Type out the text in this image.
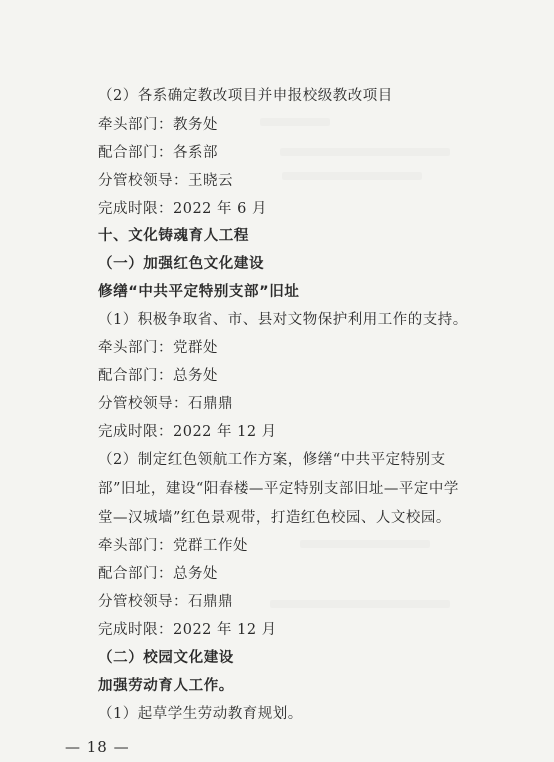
（2）各系确定教改项目并申报校级教改项目
牵头部门：教务处
配合部门：各系部
分管校领导：王晓云
完成时限：2022 年 6 月
十、文化铸魂育人工程
（一）加强红色文化建设
修缮“中共平定特别支部”旧址
（1）积极争取省、市、县对文物保护利用工作的支持。
牵头部门：党群处
配合部门：总务处
分管校领导：石鼎鼎
完成时限：2022 年 12 月
（2）制定红色领航工作方案，修缮“中共平定特别支部”旧址，建设“阳春楼—平定特别支部旧址—平定中学堂—汉城墙”红色景观带，打造红色校园、人文校园。
牵头部门：党群工作处
配合部门：总务处
分管校领导：石鼎鼎
完成时限：2022 年 12 月
（二）校园文化建设
加强劳动育人工作。
（1）起草学生劳动教育规划。
— 18 —
